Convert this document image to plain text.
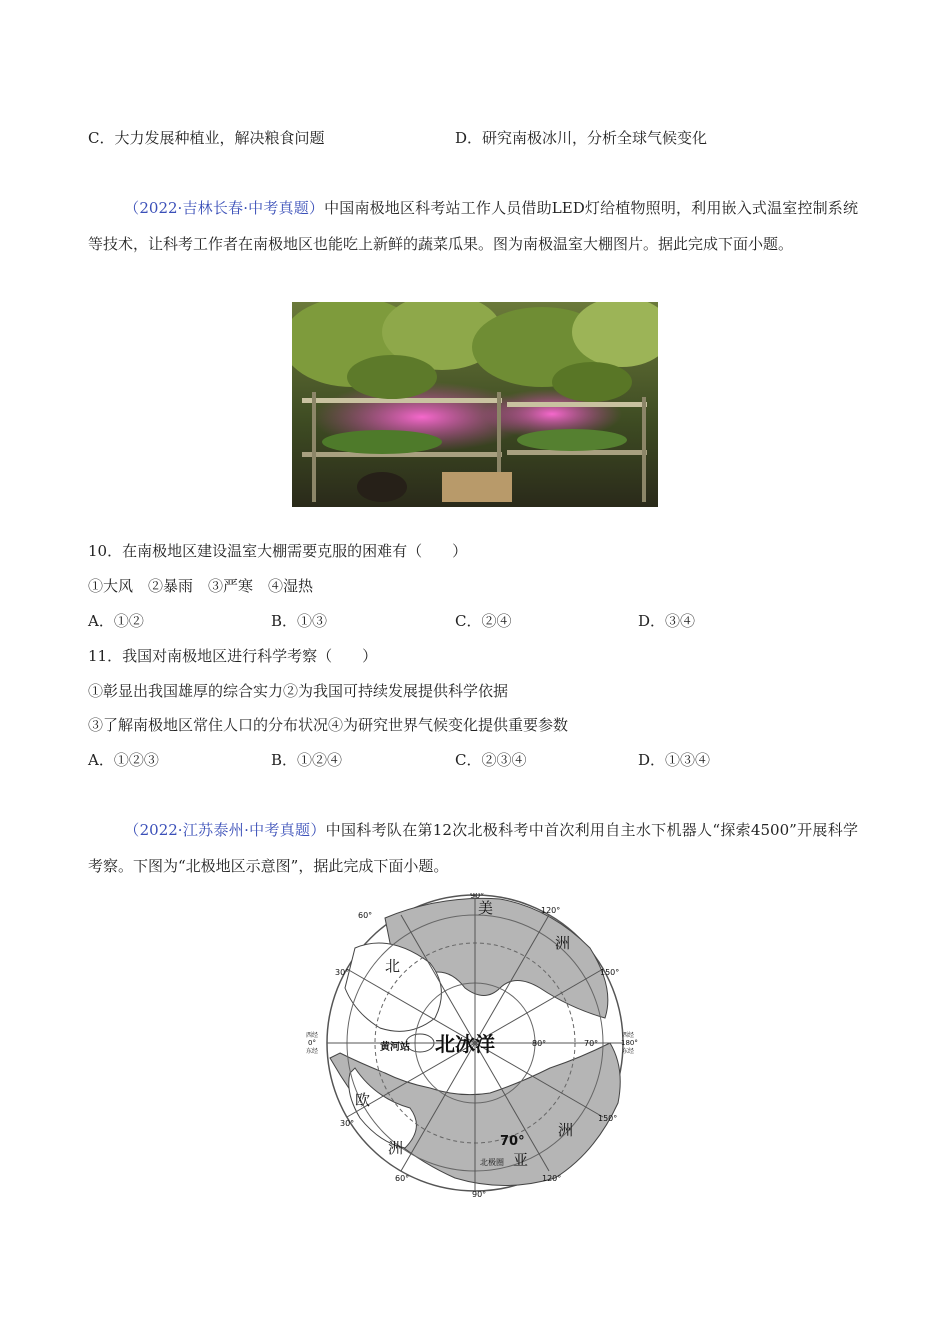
C．大力发展种植业，解决粮食问题	D．研究南极冰川，分析全球气候变化
（2022·吉林长春·中考真题）中国南极地区科考站工作人员借助LED灯给植物照明，利用嵌入式温室控制系统等技术，让科考工作者在南极地区也能吃上新鲜的蔬菜瓜果。图为南极温室大棚图片。据此完成下面小题。
10．在南极地区建设温室大棚需要克服的困难有（　　）
①大风　②暴雨　③严寒　④湿热
A．①②	B．①③	C．②④	D．③④
11．我国对南极地区进行科学考察（　　）
①彰显出我国雄厚的综合实力②为我国可持续发展提供科学依据
③了解南极地区常住人口的分布状况④为研究世界气候变化提供重要参数
A．①②③	B．①②④	C．②③④	D．①③④
（2022·江苏泰州·中考真题）中国科考队在第12次北极科考中首次利用自主水下机器人“探索4500”开展科学考察。下图为“北极地区示意图”，据此完成下面小题。
北冰洋
黄河站
美
洲
北
欧
洲
亚
洲
70°
80°	70°
北极圈
90°
120°
150°
60°
30°
30°
60°
90°
120°
150°
西经
0°
东经
西经
180°
东经
